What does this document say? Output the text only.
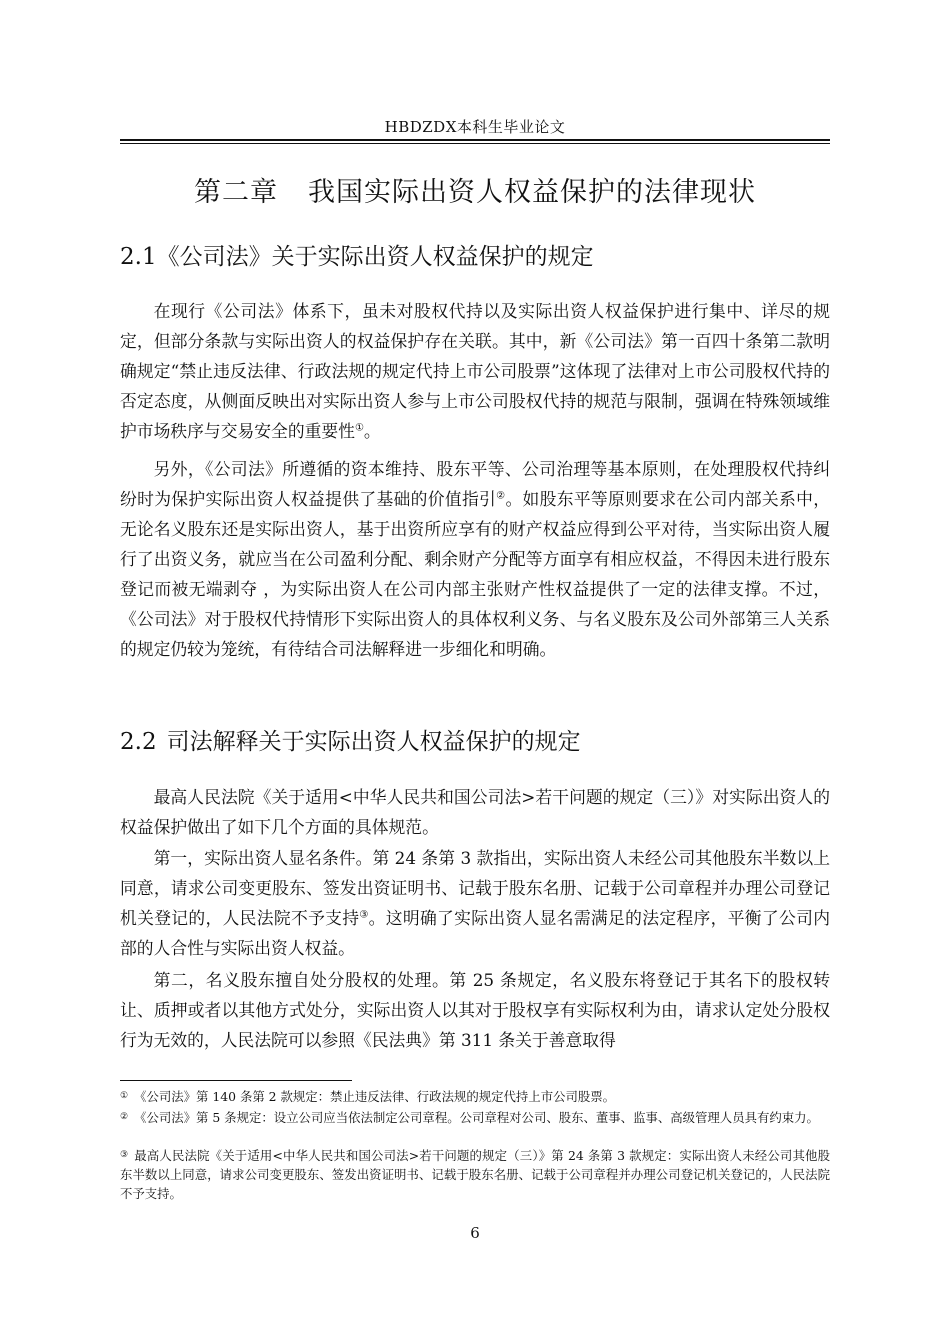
HBDZDX本科生毕业论文
第二章 我国实际出资人权益保护的法律现状
2.1《公司法》关于实际出资人权益保护的规定

在现行《公司法》体系下，虽未对股权代持以及实际出资人权益保护进行集中、详尽的规定，但部分条款与实际出资人的权益保护存在关联。其中，新《公司法》第一百四十条第二款明确规定“禁止违反法律、行政法规的规定代持上市公司股票”这体现了法律对上市公司股权代持的否定态度，从侧面反映出对实际出资人参与上市公司股权代持的规范与限制，强调在特殊领域维护市场秩序与交易安全的重要性①。

另外，《公司法》所遵循的资本维持、股东平等、公司治理等基本原则，在处理股权代持纠纷时为保护实际出资人权益提供了基础的价值指引②。如股东平等原则要求在公司内部关系中，无论名义股东还是实际出资人，基于出资所应享有的财产权益应得到公平对待，当实际出资人履行了出资义务，就应当在公司盈利分配、剩余财产分配等方面享有相应权益，不得因未进行股东登记而被无端剥夺 ，为实际出资人在公司内部主张财产性权益提供了一定的法律支撑。不过，《公司法》对于股权代持情形下实际出资人的具体权利义务、与名义股东及公司外部第三人关系的规定仍较为笼统，有待结合司法解释进一步细化和明确。

2.2 司法解释关于实际出资人权益保护的规定

最高人民法院《关于适用<中华人民共和国公司法>若干问题的规定（三）》对实际出资人的权益保护做出了如下几个方面的具体规范。

第一，实际出资人显名条件。第 24 条第 3 款指出，实际出资人未经公司其他股东半数以上同意，请求公司变更股东、签发出资证明书、记载于股东名册、记载于公司章程并办理公司登记机关登记的，人民法院不予支持③。这明确了实际出资人显名需满足的法定程序，平衡了公司内部的人合性与实际出资人权益。

第二，名义股东擅自处分股权的处理。第 25 条规定，名义股东将登记于其名下的股权转让、质押或者以其他方式处分，实际出资人以其对于股权享有实际权利为由，请求认定处分股权行为无效的，人民法院可以参照《民法典》第 311 条关于善意取得

① 《公司法》第 140 条第 2 款规定：禁止违反法律、行政法规的规定代持上市公司股票。

② 《公司法》第 5 条规定：设立公司应当依法制定公司章程。公司章程对公司、股东、董事、监事、高级管理人员具有约束力。

③ 最高人民法院《关于适用<中华人民共和国公司法>若干问题的规定（三）》第 24 条第 3 款规定：实际出资人未经公司其他股东半数以上同意，请求公司变更股东、签发出资证明书、记载于股东名册、记载于公司章程并办理公司登记机关登记的，人民法院不予支持。

6
